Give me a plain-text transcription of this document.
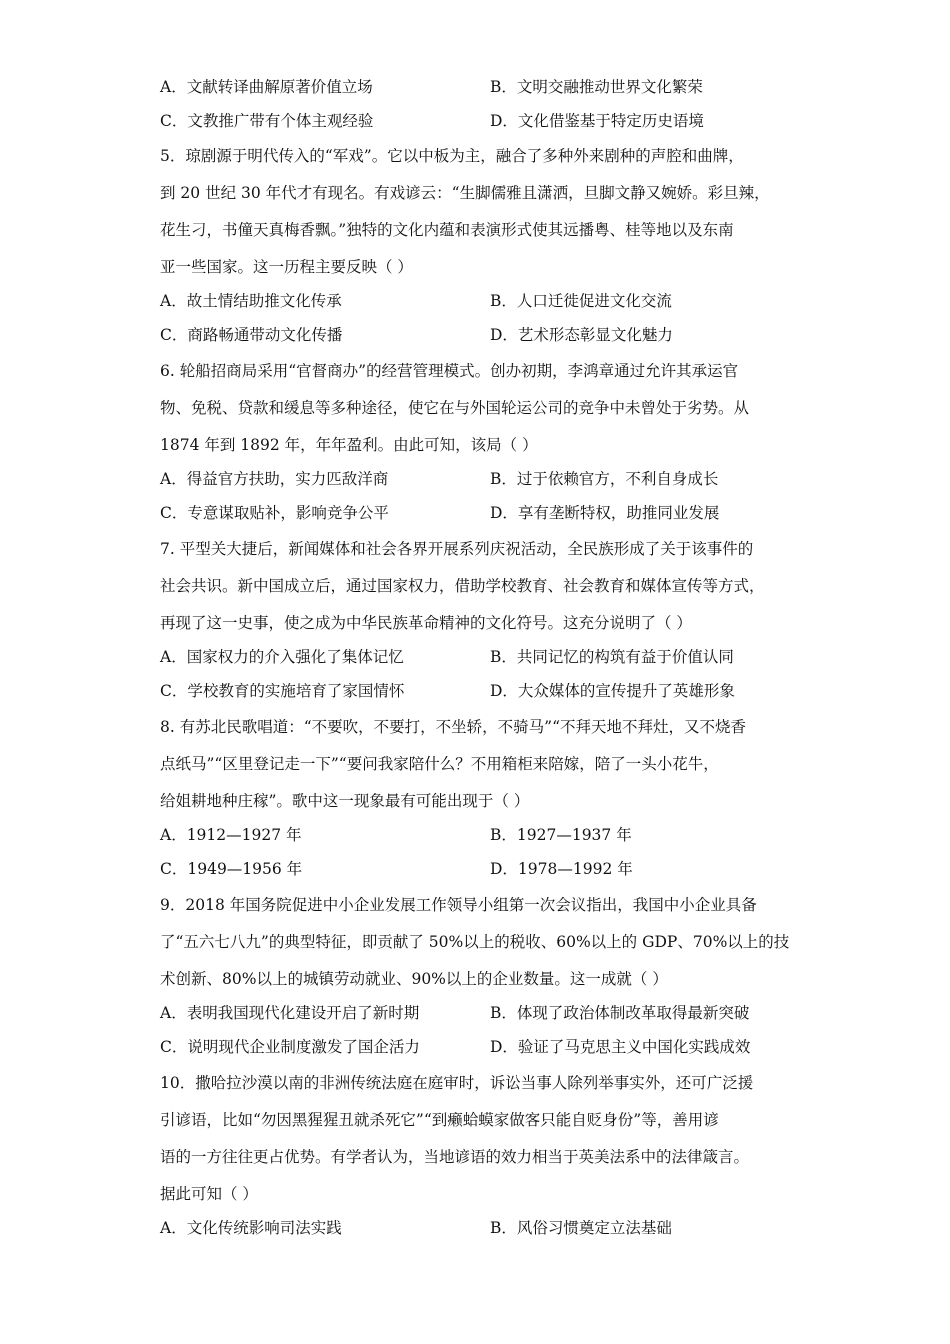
A．文献转译曲解原著价值立场	B．文明交融推动世界文化繁荣
C．文教推广带有个体主观经验	D．文化借鉴基于特定历史语境
5．琼剧源于明代传入的“军戏”。它以中板为主，融合了多种外来剧种的声腔和曲牌，
到 20 世纪 30 年代才有现名。有戏谚云：“生脚儒雅且潇洒，旦脚文静又婉娇。彩旦辣，
花生刁，书僮天真梅香飘。”独特的文化内蕴和表演形式使其远播粤、桂等地以及东南
亚一些国家。这一历程主要反映（ ）
A．故土情结助推文化传承	B．人口迁徙促进文化交流
C．商路畅通带动文化传播	D．艺术形态彰显文化魅力
6. 轮船招商局采用“官督商办”的经营管理模式。创办初期，李鸿章通过允许其承运官
物、免税、贷款和缓息等多种途径，使它在与外国轮运公司的竞争中未曾处于劣势。从
1874 年到 1892 年，年年盈利。由此可知，该局（ ）
A．得益官方扶助，实力匹敌洋商	B．过于依赖官方，不利自身成长
C．专意谋取贴补，影响竞争公平	D．享有垄断特权，助推同业发展
7. 平型关大捷后，新闻媒体和社会各界开展系列庆祝活动，全民族形成了关于该事件的
社会共识。新中国成立后，通过国家权力，借助学校教育、社会教育和媒体宣传等方式，
再现了这一史事，使之成为中华民族革命精神的文化符号。这充分说明了（ ）
A．国家权力的介入强化了集体记忆	B．共同记忆的构筑有益于价值认同
C．学校教育的实施培育了家国情怀	D．大众媒体的宣传提升了英雄形象
8. 有苏北民歌唱道：“不要吹，不要打，不坐轿，不骑马”“不拜天地不拜灶，又不烧香
点纸马”“区里登记走一下”“要问我家陪什么？不用箱柜来陪嫁，陪了一头小花牛，
给姐耕地种庄稼”。歌中这一现象最有可能出现于（ ）
A．1912—1927 年	B．1927—1937 年
C．1949—1956 年	D．1978—1992 年
9．2018 年国务院促进中小企业发展工作领导小组第一次会议指出，我国中小企业具备
了“五六七八九”的典型特征，即贡献了 50%以上的税收、60%以上的 GDP、70%以上的技
术创新、80%以上的城镇劳动就业、90%以上的企业数量。这一成就（ ）
A．表明我国现代化建设开启了新时期	B．体现了政治体制改革取得最新突破
C．说明现代企业制度激发了国企活力	D．验证了马克思主义中国化实践成效
10．撒哈拉沙漠以南的非洲传统法庭在庭审时，诉讼当事人除列举事实外，还可广泛援
引谚语，比如“勿因黑猩猩丑就杀死它”“到癞蛤蟆家做客只能自贬身份”等，善用谚
语的一方往往更占优势。有学者认为，当地谚语的效力相当于英美法系中的法律箴言。
据此可知（ ）
A．文化传统影响司法实践	B．风俗习惯奠定立法基础
